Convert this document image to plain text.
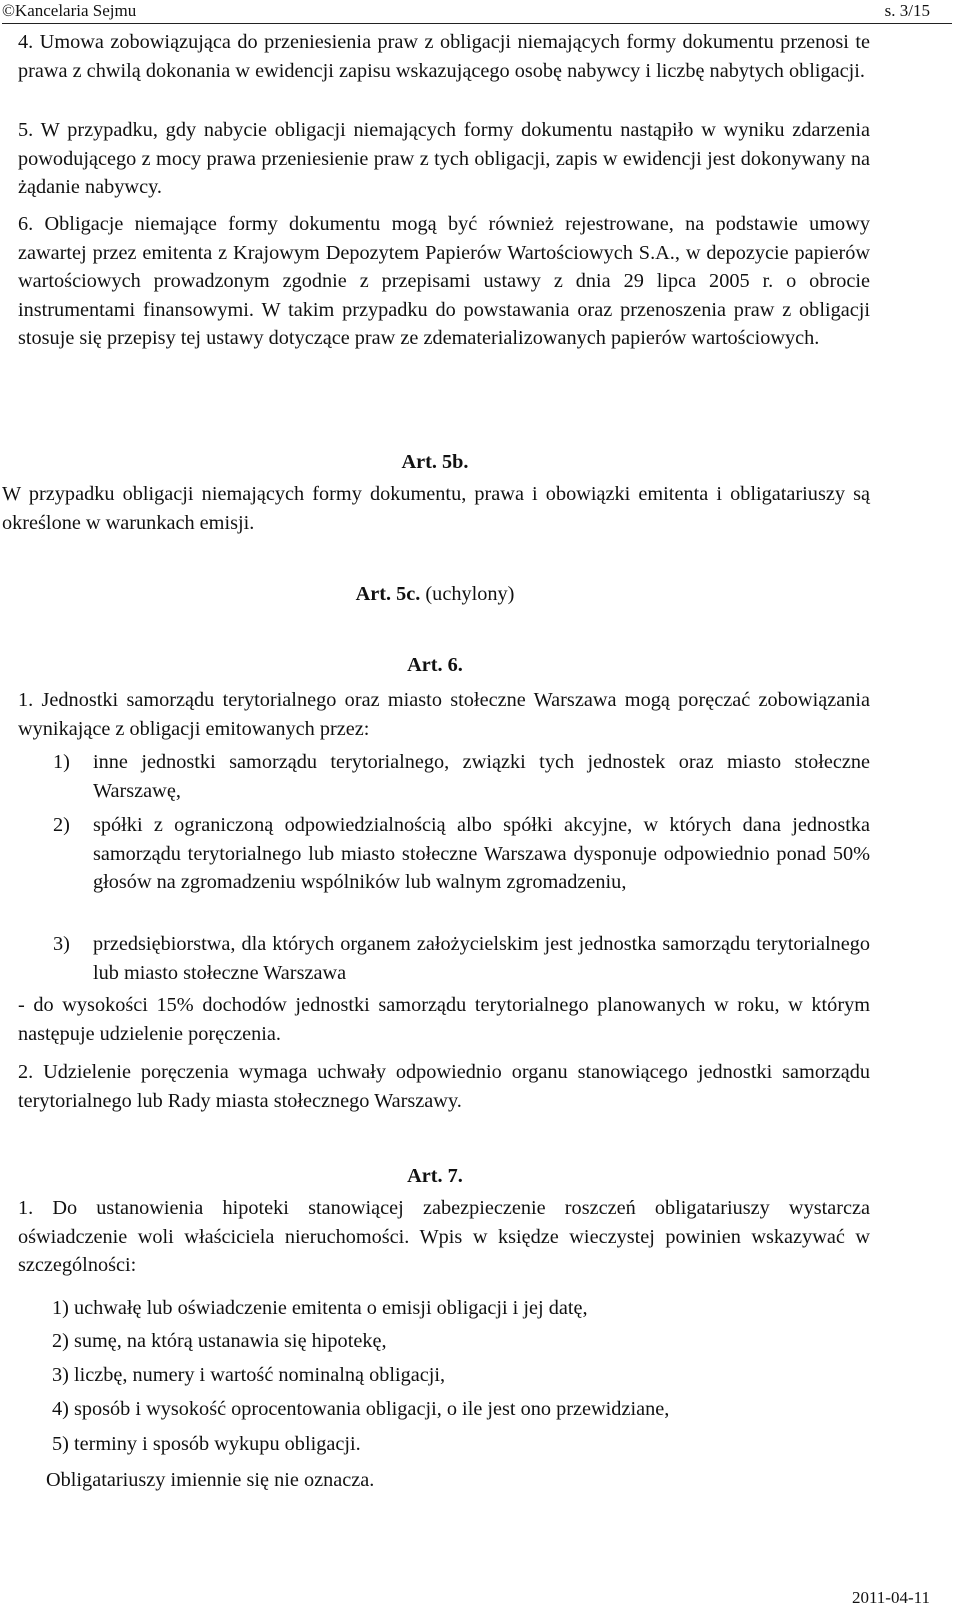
©Kancelaria Sejmu	s. 3/15

4. Umowa zobowiązująca do przeniesienia praw z obligacji niemających formy dokumentu przenosi te prawa z chwilą dokonania w ewidencji zapisu wskazującego osobę nabywcy i liczbę nabytych obligacji.

5. W przypadku, gdy nabycie obligacji niemających formy dokumentu nastąpiło w wyniku zdarzenia powodującego z mocy prawa przeniesienie praw z tych obligacji, zapis w ewidencji jest dokonywany na żądanie nabywcy.

6. Obligacje niemające formy dokumentu mogą być również rejestrowane, na podstawie umowy zawartej przez emitenta z Krajowym Depozytem Papierów Wartościowych S.A., w depozycie papierów wartościowych prowadzonym zgodnie z przepisami ustawy z dnia 29 lipca 2005 r. o obrocie instrumentami finansowymi. W takim przypadku do powstawania oraz przenoszenia praw z obligacji stosuje się przepisy tej ustawy dotyczące praw ze zdematerializowanych papierów wartościowych.

Art. 5b.

W przypadku obligacji niemających formy dokumentu, prawa i obowiązki emitenta i obligatariuszy są określone w warunkach emisji.

Art. 5c. (uchylony)
Art. 6.

1. Jednostki samorządu terytorialnego oraz miasto stołeczne Warszawa mogą poręczać zobowiązania wynikające z obligacji emitowanych przez:

1)	inne jednostki samorządu terytorialnego, związki tych jednostek oraz miasto stołeczne Warszawę,
2)	spółki z ograniczoną odpowiedzialnością albo spółki akcyjne, w których dana jednostka samorządu terytorialnego lub miasto stołeczne Warszawa dysponuje odpowiednio ponad 50% głosów na zgromadzeniu wspólników lub walnym zgromadzeniu,
3)	przedsiębiorstwa, dla których organem założycielskim jest jednostka samorządu terytorialnego lub miasto stołeczne Warszawa

- do wysokości 15% dochodów jednostki samorządu terytorialnego planowanych w roku, w którym następuje udzielenie poręczenia.

2. Udzielenie poręczenia wymaga uchwały odpowiednio organu stanowiącego jednostki samorządu terytorialnego lub Rady miasta stołecznego Warszawy.

Art. 7.

1. Do ustanowienia hipoteki stanowiącej zabezpieczenie roszczeń obligatariuszy wystarcza oświadczenie woli właściciela nieruchomości. Wpis w księdze wieczystej powinien wskazywać w szczególności:

1) uchwałę lub oświadczenie emitenta o emisji obligacji i jej datę,
2) sumę, na którą ustanawia się hipotekę,
3) liczbę, numery i wartość nominalną obligacji,
4) sposób i wysokość oprocentowania obligacji, o ile jest ono przewidziane,
5) terminy i sposób wykupu obligacji.
Obligatariuszy imiennie się nie oznacza.
2011-04-11
